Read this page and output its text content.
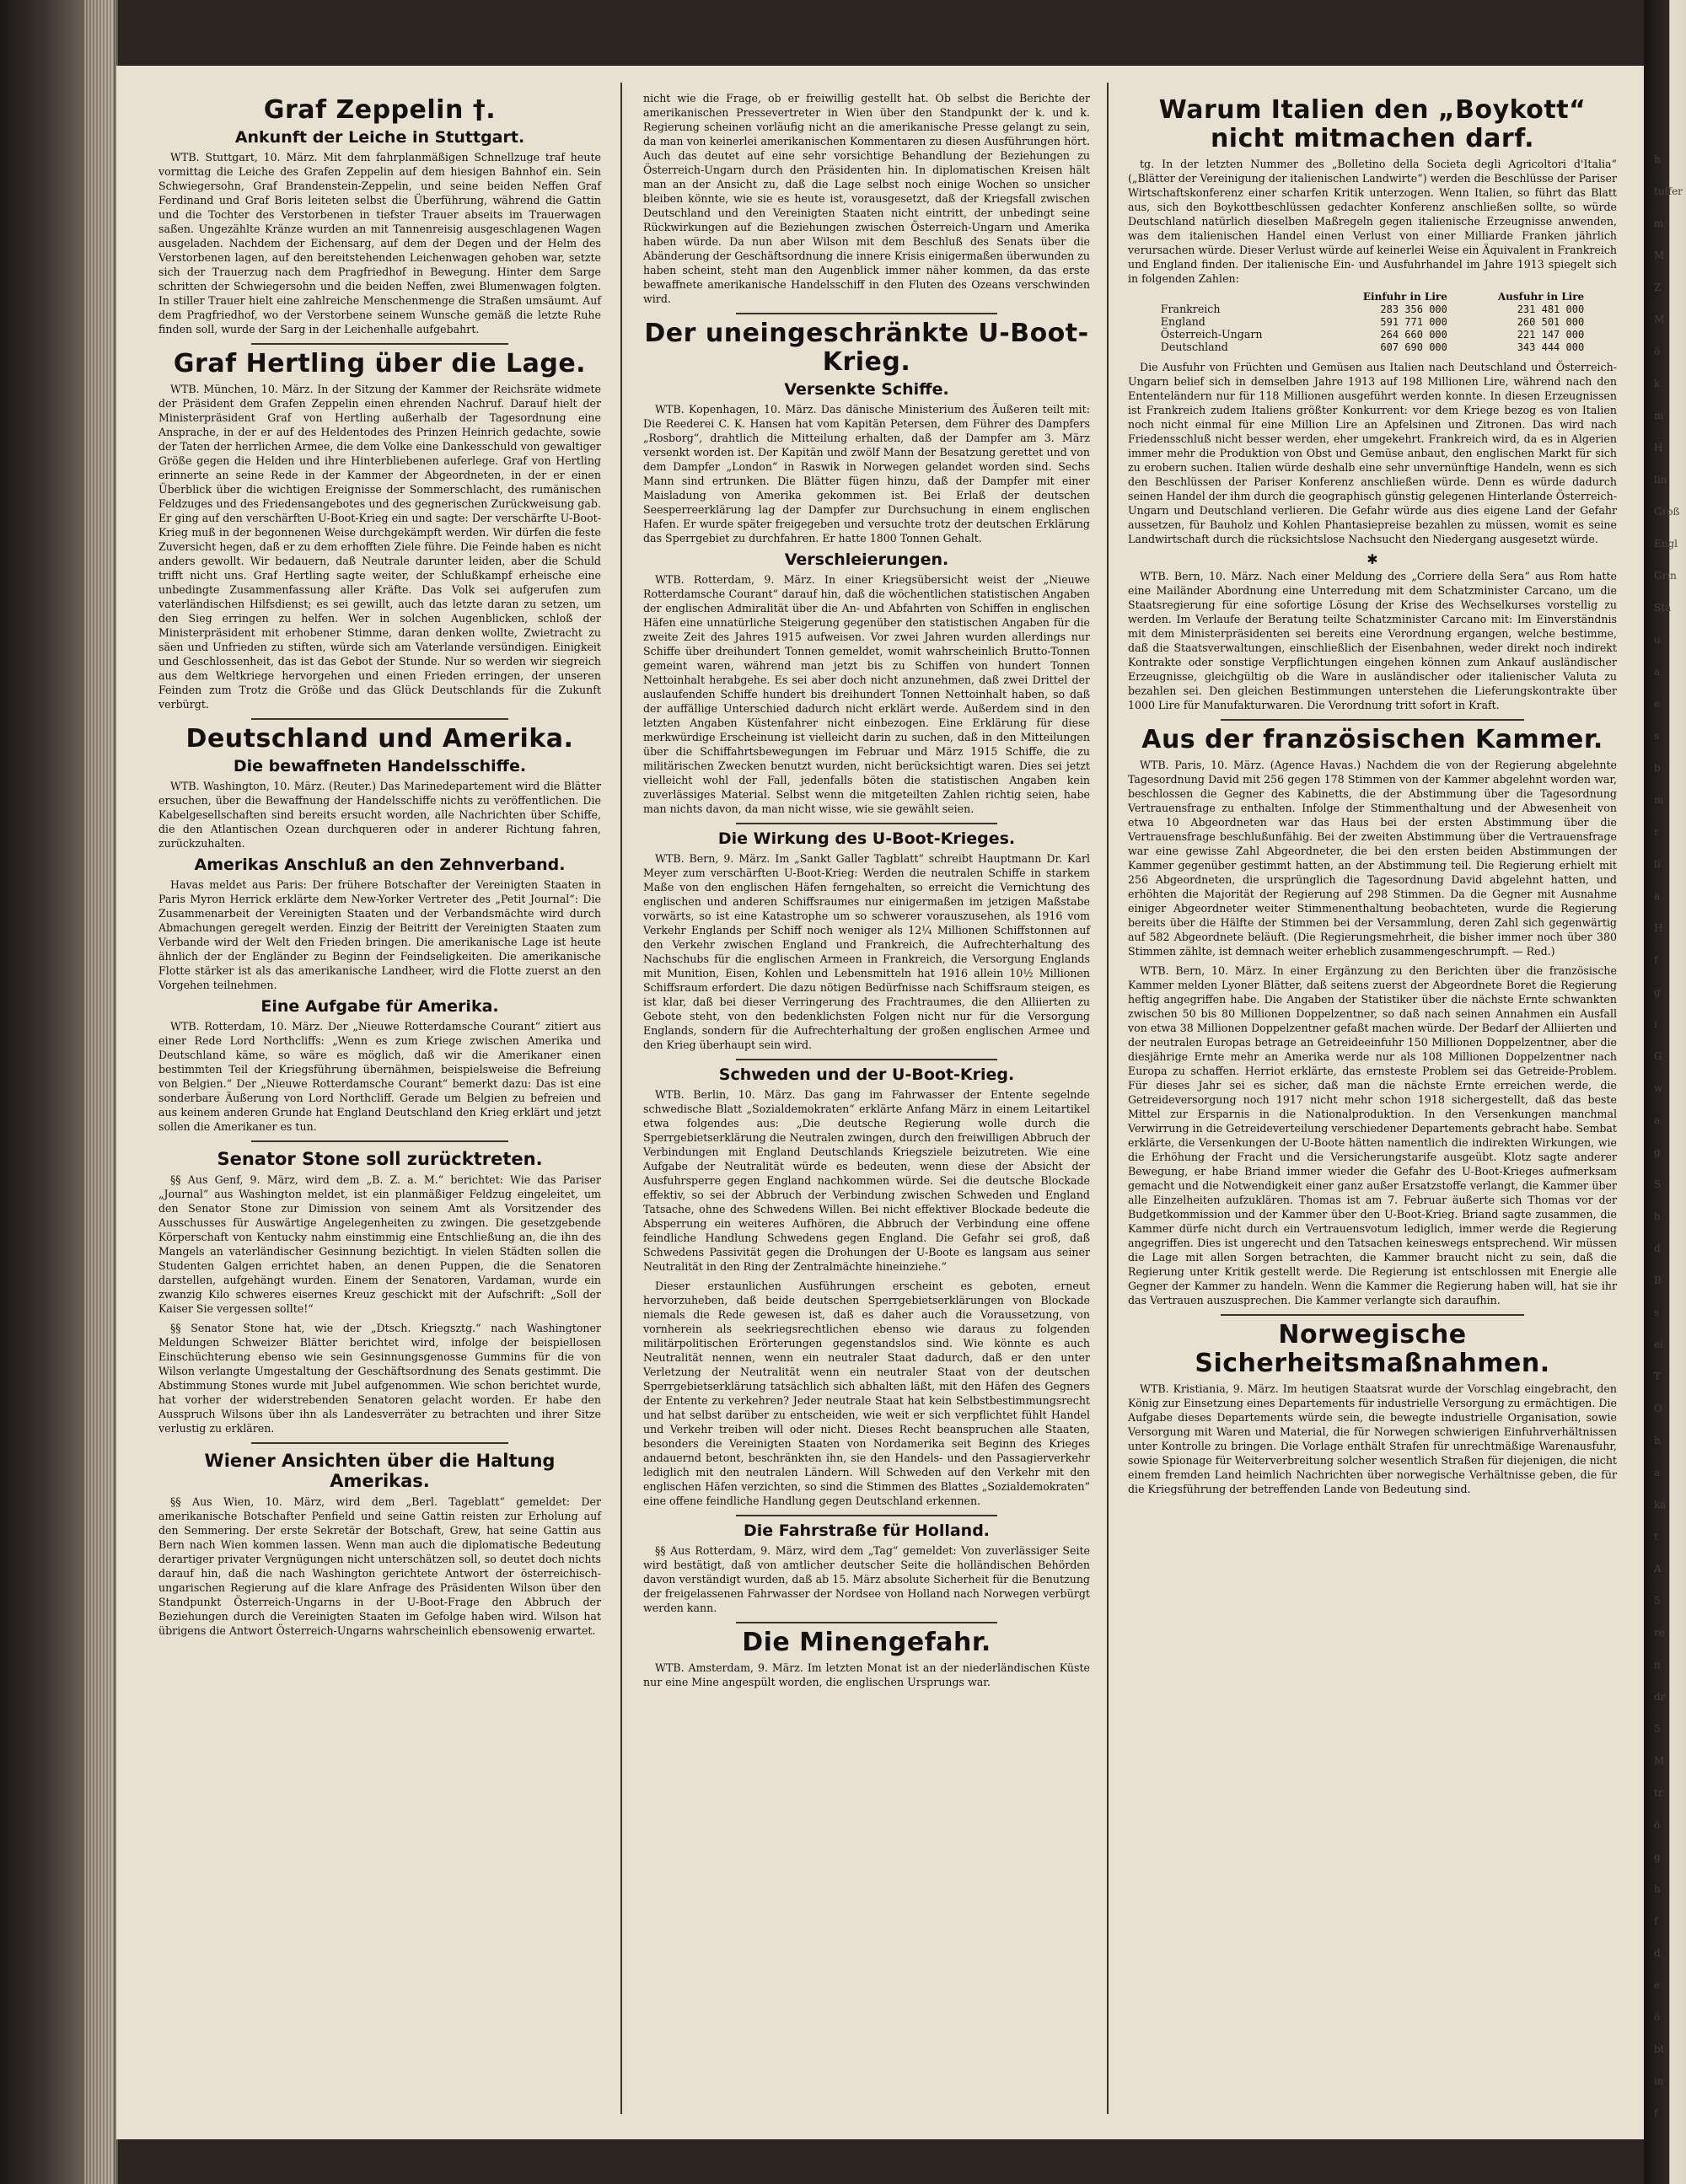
Graf Zeppelin †.
Ankunft der Leiche in Stuttgart.

WTB. Stuttgart, 10. März. Mit dem fahrplanmäßigen Schnellzuge traf heute vormittag die Leiche des Grafen Zeppelin auf dem hiesigen Bahnhof ein. Sein Schwiegersohn, Graf Brandenstein-Zeppelin, und seine beiden Neffen Graf Ferdinand und Graf Boris leiteten selbst die Überführung, während die Gattin und die Tochter des Verstorbenen in tiefster Trauer abseits im Trauerwagen saßen. Ungezählte Kränze wurden an mit Tannenreisig ausgeschlagenen Wagen ausgeladen. Nachdem der Eichensarg, auf dem der Degen und der Helm des Verstorbenen lagen, auf den bereitstehenden Leichenwagen gehoben war, setzte sich der Trauerzug nach dem Pragfriedhof in Bewegung. Hinter dem Sarge schritten der Schwiegersohn und die beiden Neffen, zwei Blumenwagen folgten. In stiller Trauer hielt eine zahlreiche Menschenmenge die Straßen umsäumt. Auf dem Pragfriedhof, wo der Verstorbene seinem Wunsche gemäß die letzte Ruhe finden soll, wurde der Sarg in der Leichenhalle aufgebahrt.

Graf Hertling über die Lage.

WTB. München, 10. März. In der Sitzung der Kammer der Reichsräte widmete der Präsident dem Grafen Zeppelin einen ehrenden Nachruf. Darauf hielt der Ministerpräsident Graf von Hertling außerhalb der Tagesordnung eine Ansprache, in der er auf des Heldentodes des Prinzen Heinrich gedachte, sowie der Taten der herrlichen Armee, die dem Volke eine Dankesschuld von gewaltiger Größe gegen die Helden und ihre Hinterbliebenen auferlege. Graf von Hertling erinnerte an seine Rede in der Kammer der Abgeordneten, in der er einen Überblick über die wichtigen Ereignisse der Sommerschlacht, des rumänischen Feldzuges und des Friedensangebotes und des gegnerischen Zurückweisung gab. Er ging auf den verschärften U-Boot-Krieg ein und sagte: Der verschärfte U-Boot-Krieg muß in der begonnenen Weise durchgekämpft werden. Wir dürfen die feste Zuversicht hegen, daß er zu dem erhofften Ziele führe. Die Feinde haben es nicht anders gewollt. Wir bedauern, daß Neutrale darunter leiden, aber die Schuld trifft nicht uns. Graf Hertling sagte weiter, der Schlußkampf erheische eine unbedingte Zusammenfassung aller Kräfte. Das Volk sei aufgerufen zum vaterländischen Hilfsdienst; es sei gewillt, auch das letzte daran zu setzen, um den Sieg erringen zu helfen. Wer in solchen Augenblicken, schloß der Ministerpräsident mit erhobener Stimme, daran denken wollte, Zwietracht zu säen und Unfrieden zu stiften, würde sich am Vaterlande versündigen. Einigkeit und Geschlossenheit, das ist das Gebot der Stunde. Nur so werden wir siegreich aus dem Weltkriege hervorgehen und einen Frieden erringen, der unseren Feinden zum Trotz die Größe und das Glück Deutschlands für die Zukunft verbürgt.

Deutschland und Amerika.
Die bewaffneten Handelsschiffe.

WTB. Washington, 10. März. (Reuter.) Das Marinedepartement wird die Blätter ersuchen, über die Bewaffnung der Handelsschiffe nichts zu veröffentlichen. Die Kabelgesellschaften sind bereits ersucht worden, alle Nachrichten über Schiffe, die den Atlantischen Ozean durchqueren oder in anderer Richtung fahren, zurückzuhalten.

Amerikas Anschluß an den Zehnverband.

Havas meldet aus Paris: Der frühere Botschafter der Vereinigten Staaten in Paris Myron Herrick erklärte dem New-Yorker Vertreter des „Petit Journal“: Die Zusammenarbeit der Vereinigten Staaten und der Verbandsmächte wird durch Abmachungen geregelt werden. Einzig der Beitritt der Vereinigten Staaten zum Verbande wird der Welt den Frieden bringen. Die amerikanische Lage ist heute ähnlich der der Engländer zu Beginn der Feindseligkeiten. Die amerikanische Flotte stärker ist als das amerikanische Landheer, wird die Flotte zuerst an den Vorgehen teilnehmen.

Eine Aufgabe für Amerika.

WTB. Rotterdam, 10. März. Der „Nieuwe Rotterdamsche Courant“ zitiert aus einer Rede Lord Northcliffs: „Wenn es zum Kriege zwischen Amerika und Deutschland käme, so wäre es möglich, daß wir die Amerikaner einen bestimmten Teil der Kriegsführung übernähmen, beispielsweise die Befreiung von Belgien.“ Der „Nieuwe Rotterdamsche Courant“ bemerkt dazu: Das ist eine sonderbare Äußerung von Lord Northcliff. Gerade um Belgien zu befreien und aus keinem anderen Grunde hat England Deutschland den Krieg erklärt und jetzt sollen die Amerikaner es tun.

Senator Stone soll zurücktreten.

§§ Aus Genf, 9. März, wird dem „B. Z. a. M.“ berichtet: Wie das Pariser „Journal“ aus Washington meldet, ist ein planmäßiger Feldzug eingeleitet, um den Senator Stone zur Dimission von seinem Amt als Vorsitzender des Ausschusses für Auswärtige Angelegenheiten zu zwingen. Die gesetzgebende Körperschaft von Kentucky nahm einstimmig eine Entschließung an, die ihn des Mangels an vaterländischer Gesinnung bezichtigt. In vielen Städten sollen die Studenten Galgen errichtet haben, an denen Puppen, die die Senatoren darstellen, aufgehängt wurden. Einem der Senatoren, Vardaman, wurde ein zwanzig Kilo schweres eisernes Kreuz geschickt mit der Aufschrift: „Soll der Kaiser Sie vergessen sollte!“

§§ Senator Stone hat, wie der „Dtsch. Kriegsztg.“ nach Washingtoner Meldungen Schweizer Blätter berichtet wird, infolge der beispiellosen Einschüchterung ebenso wie sein Gesinnungsgenosse Gummins für die von Wilson verlangte Umgestaltung der Geschäftsordnung des Senats gestimmt. Die Abstimmung Stones wurde mit Jubel aufgenommen. Wie schon berichtet wurde, hat vorher der widerstrebenden Senatoren gelacht worden. Er habe den Ausspruch Wilsons über ihn als Landesverräter zu betrachten und ihrer Sitze verlustig zu erklären.

Wiener Ansichten über die Haltung Amerikas.

§§ Aus Wien, 10. März, wird dem „Berl. Tageblatt“ gemeldet: Der amerikanische Botschafter Penfield und seine Gattin reisten zur Erholung auf den Semmering. Der erste Sekretär der Botschaft, Grew, hat seine Gattin aus Bern nach Wien kommen lassen. Wenn man auch die diplomatische Bedeutung derartiger privater Vergnügungen nicht unterschätzen soll, so deutet doch nichts darauf hin, daß die nach Washington gerichtete Antwort der österreichisch-ungarischen Regierung auf die klare Anfrage des Präsidenten Wilson über den Standpunkt Österreich-Ungarns in der U-Boot-Frage den Abbruch der Beziehungen durch die Vereinigten Staaten im Gefolge haben wird. Wilson hat übrigens die Antwort Österreich-Ungarns wahrscheinlich ebensowenig erwartet.

nicht wie die Frage, ob er freiwillig gestellt hat. Ob selbst die Berichte der amerikanischen Pressevertreter in Wien über den Standpunkt der k. und k. Regierung scheinen vorläufig nicht an die amerikanische Presse gelangt zu sein, da man von keinerlei amerikanischen Kommentaren zu diesen Ausführungen hört. Auch das deutet auf eine sehr vorsichtige Behandlung der Beziehungen zu Österreich-Ungarn durch den Präsidenten hin. In diplomatischen Kreisen hält man an der Ansicht zu, daß die Lage selbst noch einige Wochen so unsicher bleiben könnte, wie sie es heute ist, vorausgesetzt, daß der Kriegsfall zwischen Deutschland und den Vereinigten Staaten nicht eintritt, der unbedingt seine Rückwirkungen auf die Beziehungen zwischen Österreich-Ungarn und Amerika haben würde. Da nun aber Wilson mit dem Beschluß des Senats über die Abänderung der Geschäftsordnung die innere Krisis einigermaßen überwunden zu haben scheint, steht man den Augenblick immer näher kommen, da das erste bewaffnete amerikanische Handelsschiff in den Fluten des Ozeans verschwinden wird.

Der uneingeschränkte U-Boot-Krieg.
Versenkte Schiffe.

WTB. Kopenhagen, 10. März. Das dänische Ministerium des Äußeren teilt mit: Die Reederei C. K. Hansen hat vom Kapitän Petersen, dem Führer des Dampfers „Rosborg“, drahtlich die Mitteilung erhalten, daß der Dampfer am 3. März versenkt worden ist. Der Kapitän und zwölf Mann der Besatzung gerettet und von dem Dampfer „London“ in Raswik in Norwegen gelandet worden sind. Sechs Mann sind ertrunken. Die Blätter fügen hinzu, daß der Dampfer mit einer Maisladung von Amerika gekommen ist. Bei Erlaß der deutschen Seesperreerklärung lag der Dampfer zur Durchsuchung in einem englischen Hafen. Er wurde später freigegeben und versuchte trotz der deutschen Erklärung das Sperrgebiet zu durchfahren. Er hatte 1800 Tonnen Gehalt.

Verschleierungen.

WTB. Rotterdam, 9. März. In einer Kriegsübersicht weist der „Nieuwe Rotterdamsche Courant“ darauf hin, daß die wöchentlichen statistischen Angaben der englischen Admiralität über die An- und Abfahrten von Schiffen in englischen Häfen eine unnatürliche Steigerung gegenüber den statistischen Angaben für die zweite Zeit des Jahres 1915 aufweisen. Vor zwei Jahren wurden allerdings nur Schiffe über dreihundert Tonnen gemeldet, womit wahrscheinlich Brutto-Tonnen gemeint waren, während man jetzt bis zu Schiffen von hundert Tonnen Nettoinhalt herabgehe. Es sei aber doch nicht anzunehmen, daß zwei Drittel der auslaufenden Schiffe hundert bis dreihundert Tonnen Nettoinhalt haben, so daß der auffällige Unterschied dadurch nicht erklärt werde. Außerdem sind in den letzten Angaben Küstenfahrer nicht einbezogen. Eine Erklärung für diese merkwürdige Erscheinung ist vielleicht darin zu suchen, daß in den Mitteilungen über die Schiffahrtsbewegungen im Februar und März 1915 Schiffe, die zu militärischen Zwecken benutzt wurden, nicht berücksichtigt waren. Dies sei jetzt vielleicht wohl der Fall, jedenfalls böten die statistischen Angaben kein zuverlässiges Material. Selbst wenn die mitgeteilten Zahlen richtig seien, habe man nichts davon, da man nicht wisse, wie sie gewählt seien.

Die Wirkung des U-Boot-Krieges.

WTB. Bern, 9. März. Im „Sankt Galler Tagblatt“ schreibt Hauptmann Dr. Karl Meyer zum verschärften U-Boot-Krieg: Werden die neutralen Schiffe in starkem Maße von den englischen Häfen ferngehalten, so erreicht die Vernichtung des englischen und anderen Schiffsraumes nur einigermaßen im jetzigen Maßstabe vorwärts, so ist eine Katastrophe um so schwerer vorauszusehen, als 1916 vom Verkehr Englands per Schiff noch weniger als 12¼ Millionen Schiffstonnen auf den Verkehr zwischen England und Frankreich, die Aufrechterhaltung des Nachschubs für die englischen Armeen in Frankreich, die Versorgung Englands mit Munition, Eisen, Kohlen und Lebensmitteln hat 1916 allein 10½ Millionen Schiffsraum erfordert. Die dazu nötigen Bedürfnisse nach Schiffsraum steigen, es ist klar, daß bei dieser Verringerung des Frachtraumes, die den Alliierten zu Gebote steht, von den bedenklichsten Folgen nicht nur für die Versorgung Englands, sondern für die Aufrechterhaltung der großen englischen Armee und den Krieg überhaupt sein wird.

Schweden und der U-Boot-Krieg.

WTB. Berlin, 10. März. Das gang im Fahrwasser der Entente segelnde schwedische Blatt „Sozialdemokraten“ erklärte Anfang März in einem Leitartikel etwa folgendes aus: „Die deutsche Regierung wolle durch die Sperrgebietserklärung die Neutralen zwingen, durch den freiwilligen Abbruch der Verbindungen mit England Deutschlands Kriegsziele beizutreten. Wie eine Aufgabe der Neutralität würde es bedeuten, wenn diese der Absicht der Ausfuhrsperre gegen England nachkommen würde. Sei die deutsche Blockade effektiv, so sei der Abbruch der Verbindung zwischen Schweden und England Tatsache, ohne des Schwedens Willen. Bei nicht effektiver Blockade bedeute die Absperrung ein weiteres Aufhören, die Abbruch der Verbindung eine offene feindliche Handlung Schwedens gegen England. Die Gefahr sei groß, daß Schwedens Passivität gegen die Drohungen der U-Boote es langsam aus seiner Neutralität in den Ring der Zentralmächte hineinziehe.“

Dieser erstaunlichen Ausführungen erscheint es geboten, erneut hervorzuheben, daß beide deutschen Sperrgebietserklärungen von Blockade niemals die Rede gewesen ist, daß es daher auch die Voraussetzung, von vornherein als seekriegsrechtlichen ebenso wie daraus zu folgenden militärpolitischen Erörterungen gegenstandslos sind. Wie könnte es auch Neutralität nennen, wenn ein neutraler Staat dadurch, daß er den unter Verletzung der Neutralität wenn ein neutraler Staat von der deutschen Sperrgebietserklärung tatsächlich sich abhalten läßt, mit den Häfen des Gegners der Entente zu verkehren? Jeder neutrale Staat hat kein Selbstbestimmungsrecht und hat selbst darüber zu entscheiden, wie weit er sich verpflichtet fühlt Handel und Verkehr treiben will oder nicht. Dieses Recht beanspruchen alle Staaten, besonders die Vereinigten Staaten von Nordamerika seit Beginn des Krieges andauernd betont, beschränkten ihn, sie den Handels- und den Passagierverkehr lediglich mit den neutralen Ländern. Will Schweden auf den Verkehr mit den englischen Häfen verzichten, so sind die Stimmen des Blattes „Sozialdemokraten“ eine offene feindliche Handlung gegen Deutschland erkennen.

Die Fahrstraße für Holland.

§§ Aus Rotterdam, 9. März, wird dem „Tag“ gemeldet: Von zuverlässiger Seite wird bestätigt, daß von amtlicher deutscher Seite die holländischen Behörden davon verständigt wurden, daß ab 15. März absolute Sicherheit für die Benutzung der freigelassenen Fahrwasser der Nordsee von Holland nach Norwegen verbürgt werden kann.

Die Minengefahr.

WTB. Amsterdam, 9. März. Im letzten Monat ist an der niederländischen Küste nur eine Mine angespült worden, die englischen Ursprungs war.

Warum Italien den „Boykott“ nicht mitmachen darf.

tg. In der letzten Nummer des „Bolletino della Societa degli Agricoltori d'Italia“ („Blätter der Vereinigung der italienischen Landwirte“) werden die Beschlüsse der Pariser Wirtschaftskonferenz einer scharfen Kritik unterzogen. Wenn Italien, so führt das Blatt aus, sich den Boykottbeschlüssen gedachter Konferenz anschließen sollte, so würde Deutschland natürlich dieselben Maßregeln gegen italienische Erzeugnisse anwenden, was dem italienischen Handel einen Verlust von einer Milliarde Franken jährlich verursachen würde. Dieser Verlust würde auf keinerlei Weise ein Äquivalent in Frankreich und England finden. Der italienische Ein- und Ausfuhrhandel im Jahre 1913 spiegelt sich in folgenden Zahlen:

	Einfuhr in Lire	Ausfuhr in Lire
Frankreich	283 356 000	231 481 000
England	591 771 000	260 501 000
Österreich-Ungarn	264 660 000	221 147 000
Deutschland	607 690 000	343 444 000

Die Ausfuhr von Früchten und Gemüsen aus Italien nach Deutschland und Österreich-Ungarn belief sich in demselben Jahre 1913 auf 198 Millionen Lire, während nach den Ententeländern nur für 118 Millionen ausgeführt werden konnte. In diesen Erzeugnissen ist Frankreich zudem Italiens größter Konkurrent: vor dem Kriege bezog es von Italien noch nicht einmal für eine Million Lire an Apfelsinen und Zitronen. Das wird nach Friedensschluß nicht besser werden, eher umgekehrt. Frankreich wird, da es in Algerien immer mehr die Produktion von Obst und Gemüse anbaut, den englischen Markt für sich zu erobern suchen. Italien würde deshalb eine sehr unvernünftige Handeln, wenn es sich den Beschlüssen der Pariser Konferenz anschließen würde. Denn es würde dadurch seinen Handel der ihm durch die geographisch günstig gelegenen Hinterlande Österreich-Ungarn und Deutschland verlieren. Die Gefahr würde aus dies eigene Land der Gefahr aussetzen, für Bauholz und Kohlen Phantasiepreise bezahlen zu müssen, womit es seine Landwirtschaft durch die rücksichtslose Nachsucht den Niedergang ausgesetzt würde.

✱

WTB. Bern, 10. März. Nach einer Meldung des „Corriere della Sera“ aus Rom hatte eine Mailänder Abordnung eine Unterredung mit dem Schatzminister Carcano, um die Staatsregierung für eine sofortige Lösung der Krise des Wechselkurses vorstellig zu werden. Im Verlaufe der Beratung teilte Schatzminister Carcano mit: Im Einverständnis mit dem Ministerpräsidenten sei bereits eine Verordnung ergangen, welche bestimme, daß die Staatsverwaltungen, einschließlich der Eisenbahnen, weder direkt noch indirekt Kontrakte oder sonstige Verpflichtungen eingehen können zum Ankauf ausländischer Erzeugnisse, gleichgültig ob die Ware in ausländischer oder italienischer Valuta zu bezahlen sei. Den gleichen Bestimmungen unterstehen die Lieferungskontrakte über 1000 Lire für Manufakturwaren. Die Verordnung tritt sofort in Kraft.

Aus der französischen Kammer.

WTB. Paris, 10. März. (Agence Havas.) Nachdem die von der Regierung abgelehnte Tagesordnung David mit 256 gegen 178 Stimmen von der Kammer abgelehnt worden war, beschlossen die Gegner des Kabinetts, die der Abstimmung über die Tagesordnung Vertrauensfrage zu enthalten. Infolge der Stimmenthaltung und der Abwesenheit von etwa 10 Abgeordneten war das Haus bei der ersten Abstimmung über die Vertrauensfrage beschlußunfähig. Bei der zweiten Abstimmung über die Vertrauensfrage war eine gewisse Zahl Abgeordneter, die bei den ersten beiden Abstimmungen der Kammer gegenüber gestimmt hatten, an der Abstimmung teil. Die Regierung erhielt mit 256 Abgeordneten, die ursprünglich die Tagesordnung David abgelehnt hatten, und erhöhten die Majorität der Regierung auf 298 Stimmen. Da die Gegner mit Ausnahme einiger Abgeordneter weiter Stimmenenthaltung beobachteten, wurde die Regierung bereits über die Hälfte der Stimmen bei der Versammlung, deren Zahl sich gegenwärtig auf 582 Abgeordnete beläuft. (Die Regierungsmehrheit, die bisher immer noch über 380 Stimmen zählte, ist demnach weiter erheblich zusammengeschrumpft. — Red.)

WTB. Bern, 10. März. In einer Ergänzung zu den Berichten über die französische Kammer melden Lyoner Blätter, daß seitens zuerst der Abgeordnete Boret die Regierung heftig angegriffen habe. Die Angaben der Statistiker über die nächste Ernte schwankten zwischen 50 bis 80 Millionen Doppelzentner, so daß nach seinen Annahmen ein Ausfall von etwa 38 Millionen Doppelzentner gefaßt machen würde. Der Bedarf der Alliierten und der neutralen Europas betrage an Getreideeinfuhr 150 Millionen Doppelzentner, aber die diesjährige Ernte mehr an Amerika werde nur als 108 Millionen Doppelzentner nach Europa zu schaffen. Herriot erklärte, das ernsteste Problem sei das Getreide-Problem. Für dieses Jahr sei es sicher, daß man die nächste Ernte erreichen werde, die Getreideversorgung noch 1917 nicht mehr schon 1918 sichergestellt, daß das beste Mittel zur Ersparnis in die Nationalproduktion. In den Versenkungen manchmal Verwirrung in die Getreideverteilung verschiedener Departements gebracht habe. Sembat erklärte, die Versenkungen der U-Boote hätten namentlich die indirekten Wirkungen, wie die Erhöhung der Fracht und die Versicherungstarife ausgeübt. Klotz sagte anderer Bewegung, er habe Briand immer wieder die Gefahr des U-Boot-Krieges aufmerksam gemacht und die Notwendigkeit einer ganz außer Ersatzstoffe verlangt, die Kammer über alle Einzelheiten aufzuklären. Thomas ist am 7. Februar äußerte sich Thomas vor der Budgetkommission und der Kammer über den U-Boot-Krieg. Briand sagte zusammen, die Kammer dürfe nicht durch ein Vertrauensvotum lediglich, immer werde die Regierung angegriffen. Dies ist ungerecht und den Tatsachen keineswegs entsprechend. Wir müssen die Lage mit allen Sorgen betrachten, die Kammer braucht nicht zu sein, daß die Regierung unter Kritik gestellt werde. Die Regierung ist entschlossen mit Energie alle Gegner der Kammer zu handeln. Wenn die Kammer die Regierung haben will, hat sie ihr das Vertrauen auszusprechen. Die Kammer verlangte sich daraufhin.

Norwegische Sicherheitsmaßnahmen.

WTB. Kristiania, 9. März. Im heutigen Staatsrat wurde der Vorschlag eingebracht, den König zur Einsetzung eines Departements für industrielle Versorgung zu ermächtigen. Die Aufgabe dieses Departements würde sein, die bewegte industrielle Organisation, sowie Versorgung mit Waren und Material, die für Norwegen schwierigen Einfuhrverhältnissen unter Kontrolle zu bringen. Die Vorlage enthält Strafen für unrechtmäßige Warenausfuhr, sowie Spionage für Weiterverbreitung solcher wesentlich Straßen für diejenigen, die nicht einem fremden Land heimlich Nachrichten über norwegische Verhältnisse geben, die für die Kriegsführung der betreffenden Lande von Bedeutung sind.

h
tuffer
m
M
Z
M
ö
k
m
H
lin
Groß
Engl
Grin
Sta
u
a
e
s
b
m
r
li
a
H
f
g
i
G
w
a
g
S
h
d
B
s
ei
T
O
h
a
ka
t
A
5
re
n
dr
5
M
tr
ö
g
h
f
d
e
ö
bt
in
f
